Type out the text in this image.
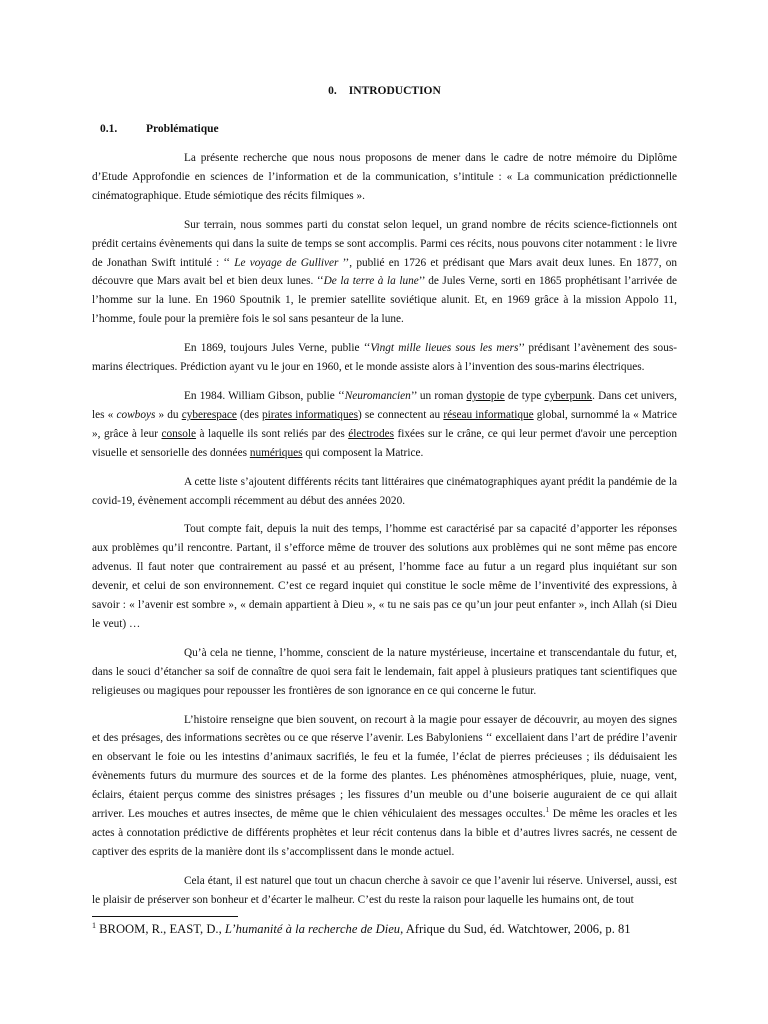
0. INTRODUCTION
0.1.	Problématique

La présente recherche que nous nous proposons de mener dans le cadre de notre mémoire du Diplôme d’Etude Approfondie en sciences de l’information et de la communication, s’intitule : « La communication prédictionnelle cinématographique. Etude sémiotique des récits filmiques ».

Sur terrain, nous sommes parti du constat selon lequel, un grand nombre de récits science-fictionnels ont prédit certains évènements qui dans la suite de temps se sont accomplis. Parmi ces récits, nous pouvons citer notamment : le livre de Jonathan Swift intitulé : ‘‘ Le voyage de Gulliver ’’, publié en 1726 et prédisant que Mars avait deux lunes. En 1877, on découvre que Mars avait bel et bien deux lunes. ‘‘De la terre à la lune’’ de Jules Verne, sorti en 1865 prophétisant l’arrivée de l’homme sur la lune. En 1960 Spoutnik 1, le premier satellite soviétique alunit. Et, en 1969 grâce à la mission Appolo 11, l’homme, foule pour la première fois le sol sans pesanteur de la lune.

En 1869, toujours Jules Verne, publie ‘‘Vingt mille lieues sous les mers’’ prédisant l’avènement des sous-marins électriques. Prédiction ayant vu le jour en 1960, et le monde assiste alors à l’invention des sous-marins électriques.

En 1984. William Gibson, publie ‘‘Neuromancien’’ un roman dystopie de type cyberpunk. Dans cet univers, les « cowboys » du cyberespace (des pirates informatiques) se connectent au réseau informatique global, surnommé la « Matrice », grâce à leur console à laquelle ils sont reliés par des électrodes fixées sur le crâne, ce qui leur permet d'avoir une perception visuelle et sensorielle des données numériques qui composent la Matrice.

A cette liste s’ajoutent différents récits tant littéraires que cinématographiques ayant prédit la pandémie de la covid-19, évènement accompli récemment au début des années 2020.

Tout compte fait, depuis la nuit des temps, l’homme est caractérisé par sa capacité d’apporter les réponses aux problèmes qu’il rencontre. Partant, il s’efforce même de trouver des solutions aux problèmes qui ne sont même pas encore advenus. Il faut noter que contrairement au passé et au présent, l’homme face au futur a un regard plus inquiétant sur son devenir, et celui de son environnement. C’est ce regard inquiet qui constitue le socle même de l’inventivité des expressions, à savoir : « l’avenir est sombre », « demain appartient à Dieu », « tu ne sais pas ce qu’un jour peut enfanter », inch Allah (si Dieu le veut) …

Qu’à cela ne tienne, l’homme, conscient de la nature mystérieuse, incertaine et transcendantale du futur, et, dans le souci d’étancher sa soif de connaître de quoi sera fait le lendemain, fait appel à plusieurs pratiques tant scientifiques que religieuses ou magiques pour repousser les frontières de son ignorance en ce qui concerne le futur.

L’histoire renseigne que bien souvent, on recourt à la magie pour essayer de découvrir, au moyen des signes et des présages, des informations secrètes ou ce que réserve l’avenir. Les Babyloniens ‘‘ excellaient dans l’art de prédire l’avenir en observant le foie ou les intestins d’animaux sacrifiés, le feu et la fumée, l’éclat de pierres précieuses ; ils déduisaient les évènements futurs du murmure des sources et de la forme des plantes. Les phénomènes atmosphériques, pluie, nuage, vent, éclairs, étaient perçus comme des sinistres présages ; les fissures d’un meuble ou d’une boiserie auguraient de ce qui allait arriver. Les mouches et autres insectes, de même que le chien véhiculaient des messages occultes.$^1$ De même les oracles et les actes à connotation prédictive de différents prophètes et leur récit contenus dans la bible et d’autres livres sacrés, ne cessent de captiver des esprits de la manière dont ils s’accomplissent dans le monde actuel.

Cela étant, il est naturel que tout un chacun cherche à savoir ce que l’avenir lui réserve. Universel, aussi, est le plaisir de préserver son bonheur et d’écarter le malheur. C’est du reste la raison pour laquelle les humains ont, de tout

$^1$ BROOM, R., EAST, D., L’humanité à la recherche de Dieu, Afrique du Sud, éd. Watchtower, 2006, p. 81
